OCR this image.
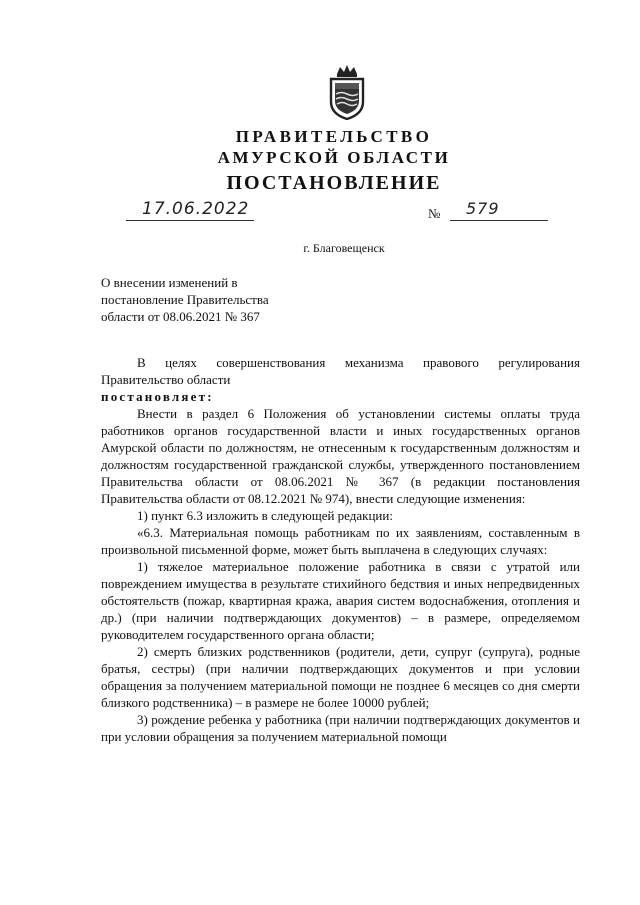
ПРАВИТЕЛЬСТВО
АМУРСКОЙ ОБЛАСТИ
ПОСТАНОВЛЕНИЕ
17.06.2022	№ 579
г. Благовещенск
О внесении изменений в
постановление Правительства
области от 08.06.2021 № 367

В целях совершенствования механизма правового регулирования Правительство области

постановляет:

Внести в раздел 6 Положения об установлении системы оплаты труда работников органов государственной власти и иных государственных органов Амурской области по должностям, не отнесенным к государственным должностям и должностям государственной гражданской службы, утвержденного постановлением Правительства области от 08.06.2021 № 367 (в редакции постановления Правительства области от 08.12.2021 № 974), внести следующие изменения:

1) пункт 6.3 изложить в следующей редакции:

«6.3. Материальная помощь работникам по их заявлениям, составленным в произвольной письменной форме, может быть выплачена в следующих случаях:

1) тяжелое материальное положение работника в связи с утратой или повреждением имущества в результате стихийного бедствия и иных непредвиденных обстоятельств (пожар, квартирная кража, авария систем водоснабжения, отопления и др.) (при наличии подтверждающих документов) – в размере, определяемом руководителем государственного органа области;

2) смерть близких родственников (родители, дети, супруг (супруга), родные братья, сестры) (при наличии подтверждающих документов и при условии обращения за получением материальной помощи не позднее 6 месяцев со дня смерти близкого родственника) – в размере не более 10000 рублей;

3) рождение ребенка у работника (при наличии подтверждающих документов и при условии обращения за получением материальной помощи
